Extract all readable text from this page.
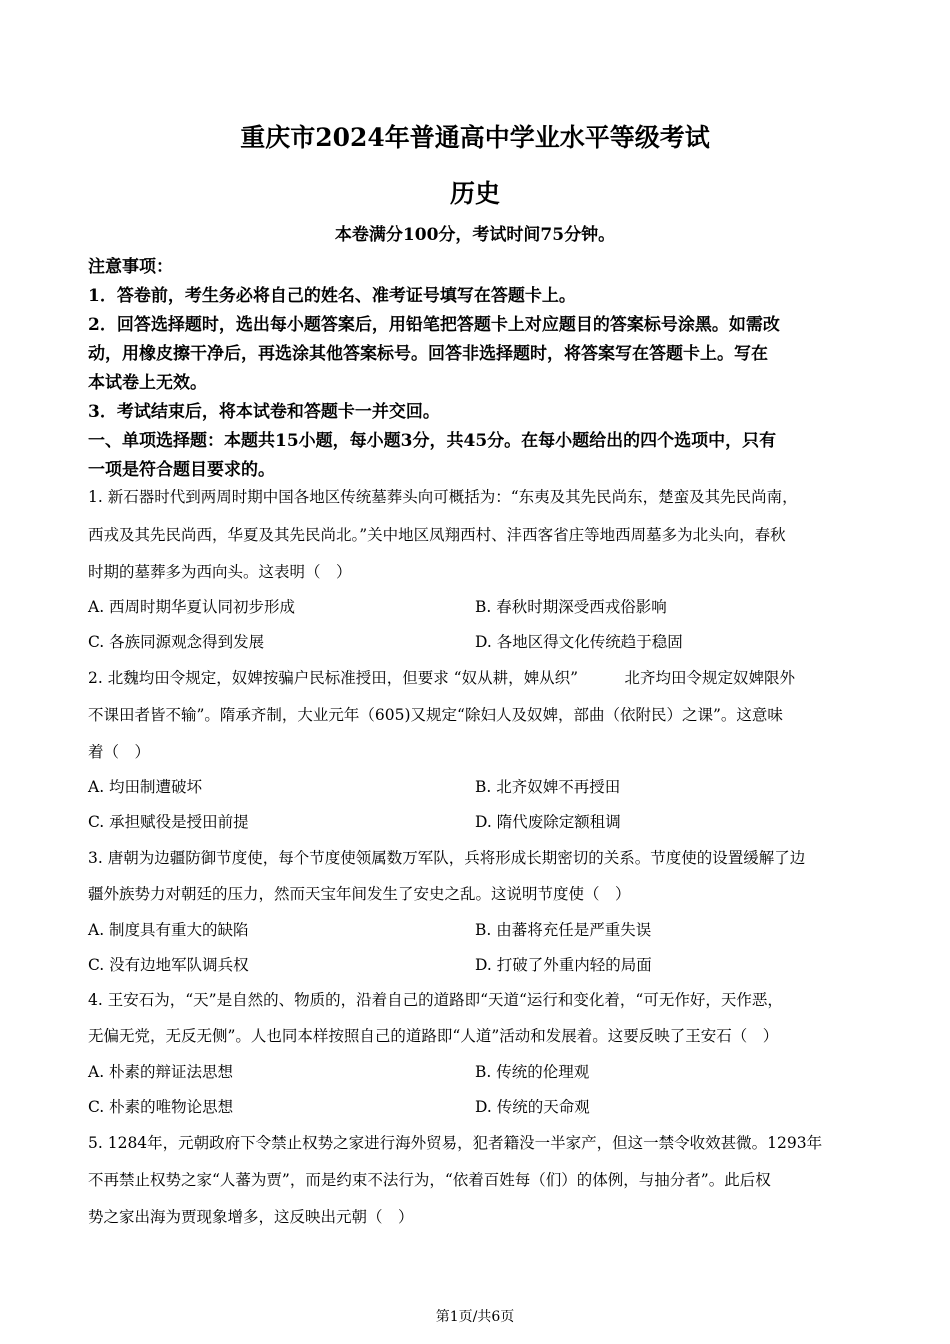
重庆市2024年普通高中学业水平等级考试
历史
本卷满分100分，考试时间75分钟。
注意事项：
1．答卷前，考生务必将自己的姓名、准考证号填写在答题卡上。
2．回答选择题时，选出每小题答案后，用铅笔把答题卡上对应题目的答案标号涂黑。如需改
动，用橡皮擦干净后，再选涂其他答案标号。回答非选择题时，将答案写在答题卡上。写在
本试卷上无效。
3．考试结束后，将本试卷和答题卡一并交回。
一、单项选择题：本题共15小题，每小题3分，共45分。在每小题给出的四个选项中，只有
一项是符合题目要求的。
1. 新石器时代到两周时期中国各地区传统墓葬头向可概括为：“东夷及其先民尚东，楚蛮及其先民尚南，
西戎及其先民尚西，华夏及其先民尚北。”关中地区凤翔西村、沣西客省庄等地西周墓多为北头向，春秋
时期的墓葬多为西向头。这表明（　）
A. 西周时期华夏认同初步形成	B. 春秋时期深受西戎俗影响
C. 各族同源观念得到发展	D. 各地区得文化传统趋于稳固
2. 北魏均田令规定，奴婢按骗户民标准授田，但要求 “奴从耕，婢从织”　　　北齐均田令规定奴婢限外
不课田者皆不输”。隋承齐制，大业元年（605)又规定“除妇人及奴婢，部曲（依附民）之课”。这意味
着（　）
A. 均田制遭破坏	B. 北齐奴婢不再授田
C. 承担赋役是授田前提	D. 隋代废除定额租调
3. 唐朝为边疆防御节度使，每个节度使领属数万军队，兵将形成长期密切的关系。节度使的设置缓解了边
疆外族势力对朝廷的压力，然而天宝年间发生了安史之乱。这说明节度使（　）
A. 制度具有重大的缺陷	B. 由蕃将充任是严重失误
C. 没有边地军队调兵权	D. 打破了外重内轻的局面
4. 王安石为，“天”是自然的、物质的，沿着自己的道路即“天道“运行和变化着，“可无作好，天作恶，
无偏无党，无反无侧”。人也同本样按照自己的道路即“人道”活动和发展着。这要反映了王安石（　）
A. 朴素的辩证法思想	B. 传统的伦理观
C. 朴素的唯物论思想	D. 传统的天命观
5. 1284年，元朝政府下令禁止权势之家进行海外贸易，犯者籍没一半家产，但这一禁令收效甚微。1293年
不再禁止权势之家“人蕃为贾”，而是约束不法行为，“依着百姓每（们）的体例，与抽分者”。此后权
势之家出海为贾现象增多，这反映出元朝（　）
第1页/共6页
